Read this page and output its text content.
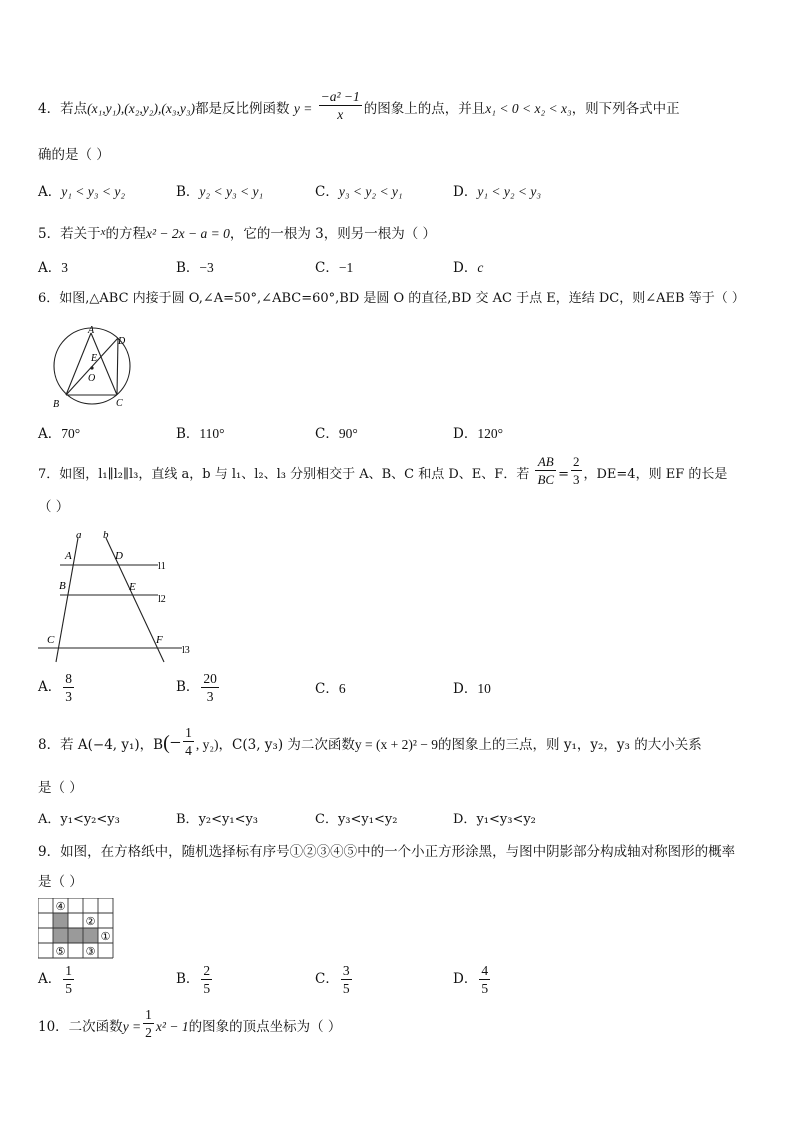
4．若点(x₁,y₁),(x₂,y₂),(x₃,y₃)都是反比例函数 $y = \frac{\text{−a² −1}}{x}$ 的图象上的点，并且x₁ < 0 < x₂ < x₃，则下列各式中正
确的是（ ）
A．y₁ < y₃ < y₂	B．y₂ < y₃ < y₁	C．y₃ < y₂ < y₁	D．y₁ < y₂ < y₃
5．若关于$^x$的方程x² − 2x − a = 0，它的一根为 3，则另一根为（ ）
A．3	B．−3	C．−1	D．c
6．如图,△ABC 内接于圆 O,∠A=50°,∠ABC=60°,BD 是圆 O 的直径,BD 交 AC 于点 E，连结 DC，则∠AEB 等于（ ）
A
D
E
O
B	C
A．70°	B．110°	C．90°	D．120°
7．如图，l₁∥l₂∥l₃，直线 a，b 与 l₁、l₂、l₃ 分别相交于 A、B、C 和点 D、E、F．若 $\frac{AB}{BC} = \frac{2}{3}$ ，DE=4，则 EF 的长是
（ ）
a b
A	D
l1
B	E
l2
C	F
l3
A． $\frac{8}{3}$	B． $\frac{20}{3}$	C．6	D．10
8．若 A(−4, y₁)，$B(- \frac{1}{4}$ , y₂)，C(3, y₃) 为二次函数y = (x + 2)² − 9的图象上的三点，则 y₁，y₂，y₃ 的大小关系
是（ ）
A．y₁<y₂<y₃	B．y₂<y₁<y₃	C．y₃<y₁<y₂	D．y₁<y₃<y₂
9．如图，在方格纸中，随机选择标有序号①②③④⑤中的一个小正方形涂黑，与图中阴影部分构成轴对称图形的概率
是（ ）
④
②
①
⑤ ③
A． $\frac{1}{5}$	B． $\frac{2}{5}$	C． $\frac{3}{5}$	D． $\frac{4}{5}$
10．二次函数$y = \frac{1}{2} x^2 - 1$的图象的顶点坐标为（ ）
